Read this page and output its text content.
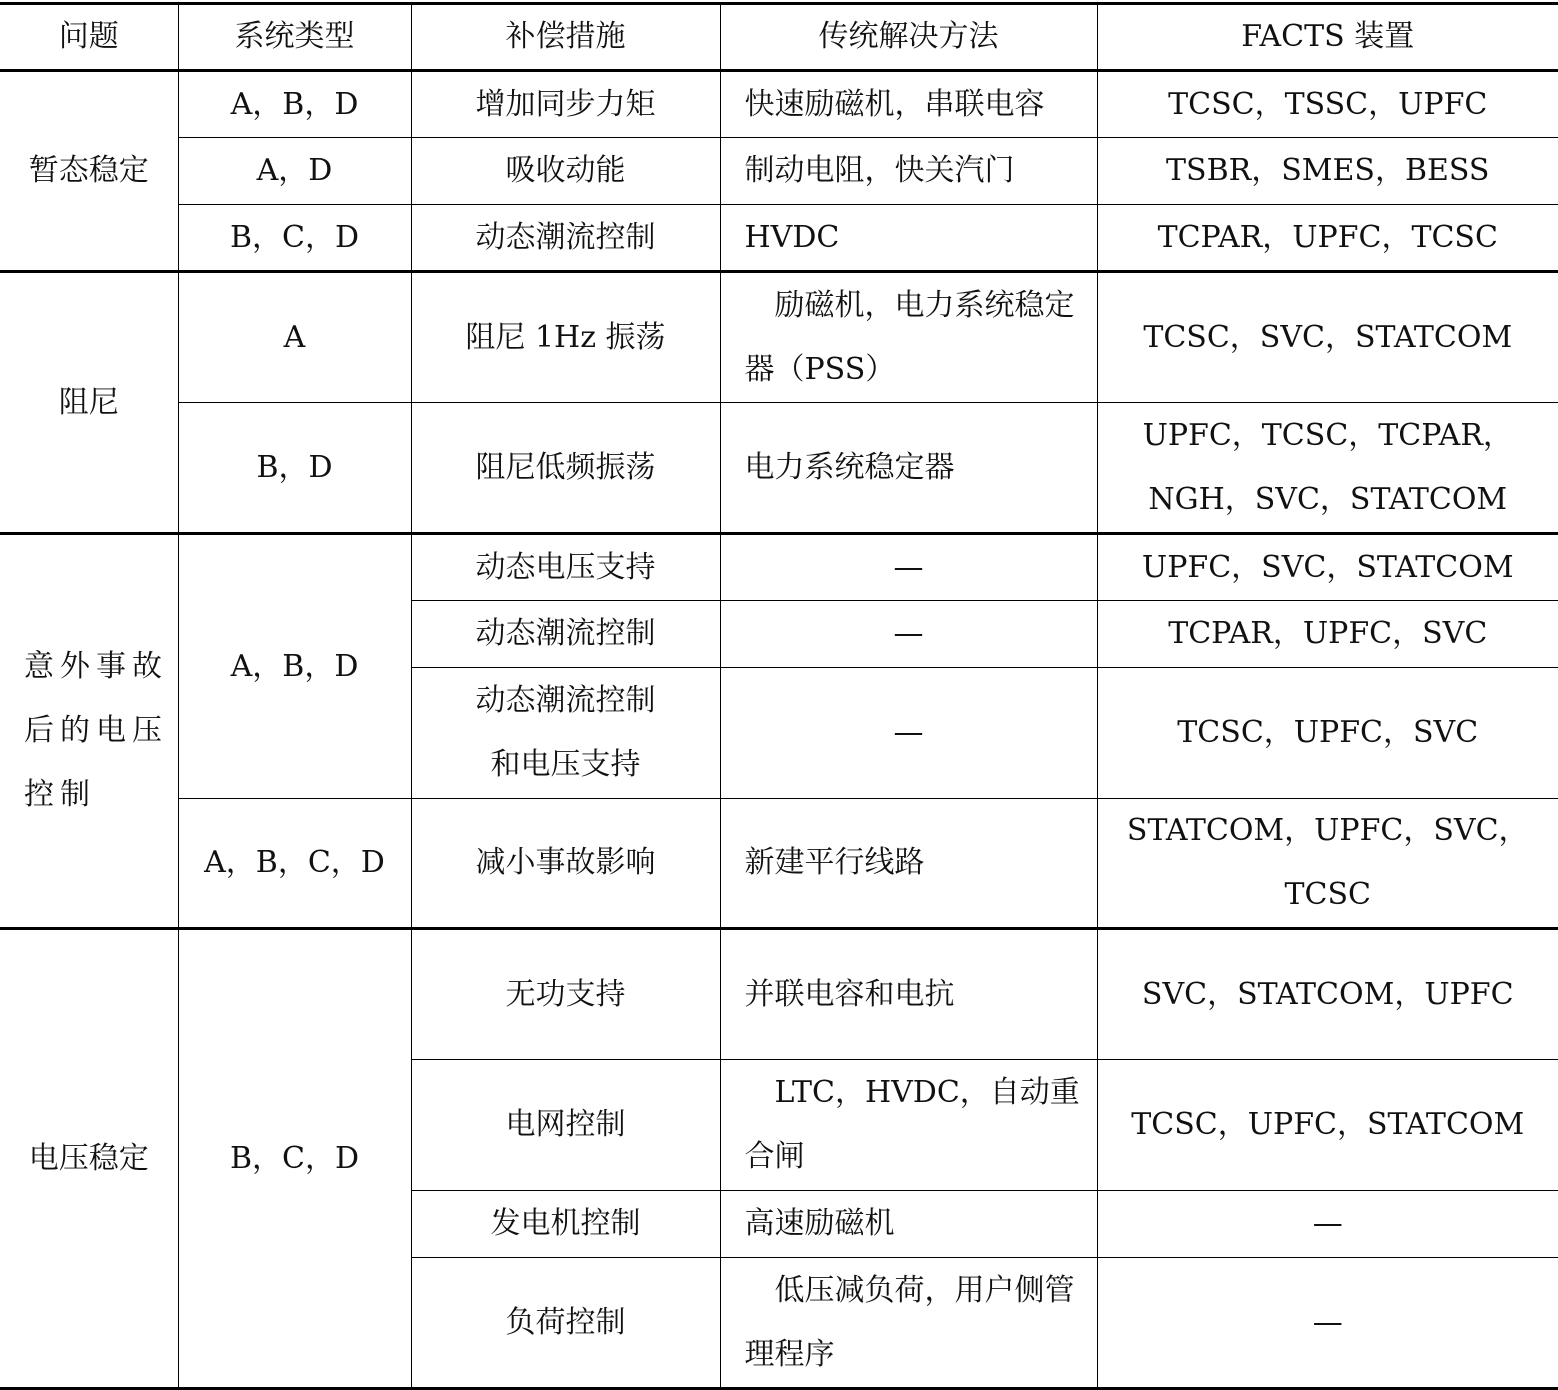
问题	系统类型	补偿措施	传统解决方法	FACTS 装置
暂态稳定	A，B，D	增加同步力矩	快速励磁机，串联电容	TCSC，TSSC，UPFC
	A，D	吸收动能	制动电阻，快关汽门	TSBR，SMES，BESS
	B，C，D	动态潮流控制	HVDC	TCPAR，UPFC，TCSC
阻尼	A	阻尼 1Hz 振荡	励磁机，电力系统稳定器（PSS）	TCSC，SVC，STATCOM
	B，D	阻尼低频振荡	电力系统稳定器	UPFC，TCSC，TCPAR，NGH，SVC，STATCOM
意外事故后的电压控制	A，B，D	动态电压支持	—	UPFC，SVC，STATCOM
		动态潮流控制	—	TCPAR，UPFC，SVC
		动态潮流控制和电压支持	—	TCSC，UPFC，SVC
	A，B，C，D	减小事故影响	新建平行线路	STATCOM，UPFC，SVC，TCSC
电压稳定	B，C，D	无功支持	并联电容和电抗	SVC，STATCOM，UPFC
		电网控制	LTC，HVDC，自动重合闸	TCSC，UPFC，STATCOM
		发电机控制	高速励磁机	—
		负荷控制	低压减负荷，用户侧管理程序	—
